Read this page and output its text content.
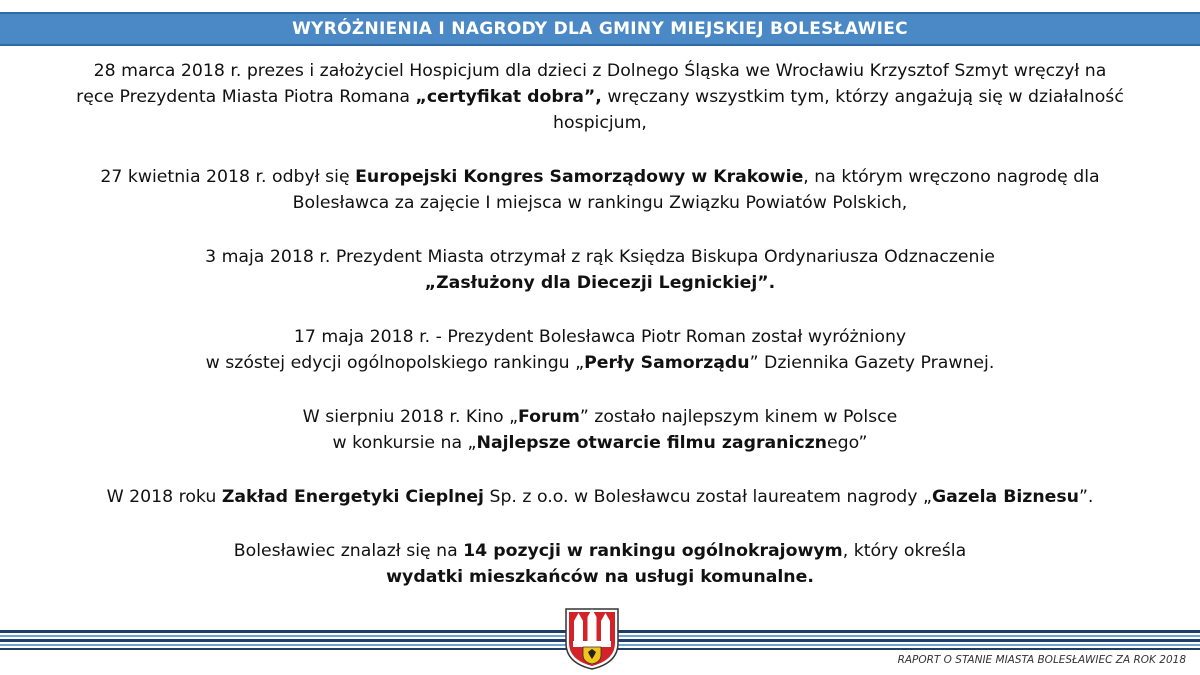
WYRÓŻNIENIA I NAGRODY DLA GMINY MIEJSKIEJ BOLESŁAWIEC
28 marca 2018 r. prezes i założyciel Hospicjum dla dzieci z Dolnego Śląska we Wrocławiu Krzysztof Szmyt wręczył na
ręce Prezydenta Miasta Piotra Romana „certyfikat dobra”, wręczany wszystkim tym, którzy angażują się w działalność
hospicjum,
27 kwietnia 2018 r. odbył się Europejski Kongres Samorządowy w Krakowie, na którym wręczono nagrodę dla
Bolesławca za zajęcie I miejsca w rankingu Związku Powiatów Polskich,
3 maja 2018 r. Prezydent Miasta otrzymał z rąk Księdza Biskupa Ordynariusza Odznaczenie
„Zasłużony dla Diecezji Legnickiej”.
17 maja 2018 r. - Prezydent Bolesławca Piotr Roman został wyróżniony
w szóstej edycji ogólnopolskiego rankingu „Perły Samorządu” Dziennika Gazety Prawnej.
W sierpniu 2018 r. Kino „Forum” zostało najlepszym kinem w Polsce
w konkursie na „Najlepsze otwarcie filmu zagranicznego”
W 2018 roku Zakład Energetyki Cieplnej Sp. z o.o. w Bolesławcu został laureatem nagrody „Gazela Biznesu”.
Bolesławiec znalazł się na 14 pozycji w rankingu ogólnokrajowym, który określa
wydatki mieszkańców na usługi komunalne.
RAPORT O STANIE MIASTA BOLESŁAWIEC ZA ROK 2018
